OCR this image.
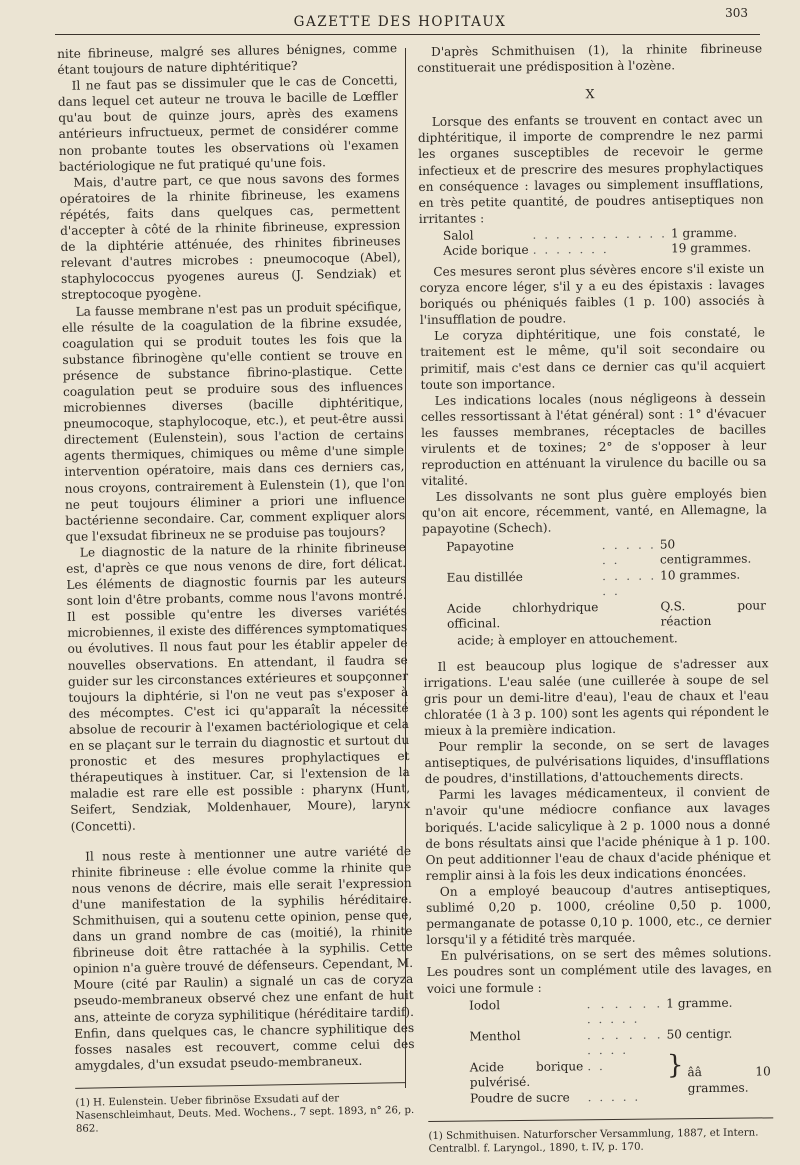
GAZETTE DES HOPITAUX
303

nite fibrineuse, malgré ses allures bénignes, comme étant toujours de nature diphtéritique?

Il ne faut pas se dissimuler que le cas de Concetti, dans lequel cet auteur ne trouva le bacille de Lœffler qu'au bout de quinze jours, après des examens antérieurs infructueux, permet de considérer comme non probante toutes les observations où l'examen bactériologique ne fut pratiqué qu'une fois.

Mais, d'autre part, ce que nous savons des formes opératoires de la rhinite fibrineuse, les examens répétés, faits dans quelques cas, permettent d'accepter à côté de la rhinite fibrineuse, expression de la diphtérie atténuée, des rhinites fibrineuses relevant d'autres microbes : pneumocoque (Abel), staphylococcus pyogenes aureus (J. Sendziak) et streptocoque pyogène.

La fausse membrane n'est pas un produit spécifique, elle résulte de la coagulation de la fibrine exsudée, coagulation qui se produit toutes les fois que la substance fibrinogène qu'elle contient se trouve en présence de substance fibrino-plastique. Cette coagulation peut se produire sous des influences microbiennes diverses (bacille diphtéritique, pneumocoque, staphylocoque, etc.), et peut-être aussi directement (Eulenstein), sous l'action de certains agents thermiques, chimiques ou même d'une simple intervention opératoire, mais dans ces derniers cas, nous croyons, contrairement à Eulenstein (1), que l'on ne peut toujours éliminer a priori une influence bactérienne secondaire. Car, comment expliquer alors que l'exsudat fibrineux ne se produise pas toujours?

Le diagnostic de la nature de la rhinite fibrineuse est, d'après ce que nous venons de dire, fort délicat. Les éléments de diagnostic fournis par les auteurs sont loin d'être probants, comme nous l'avons montré. Il est possible qu'entre les diverses variétés microbiennes, il existe des différences symptomatiques ou évolutives. Il nous faut pour les établir appeler de nouvelles observations. En attendant, il faudra se guider sur les circonstances extérieures et soupçonner toujours la diphtérie, si l'on ne veut pas s'exposer à des mécomptes. C'est ici qu'apparaît la nécessité absolue de recourir à l'examen bactériologique et cela en se plaçant sur le terrain du diagnostic et surtout du pronostic et des mesures prophylactiques et thérapeutiques à instituer. Car, si l'extension de la maladie est rare elle est possible : pharynx (Hunt, Seifert, Sendziak, Moldenhauer, Moure), larynx (Concetti).

Il nous reste à mentionner une autre variété de rhinite fibrineuse : elle évolue comme la rhinite que nous venons de décrire, mais elle serait l'expression d'une manifestation de la syphilis héréditaire. Schmithuisen, qui a soutenu cette opinion, pense que, dans un grand nombre de cas (moitié), la rhinite fibrineuse doit être rattachée à la syphilis. Cette opinion n'a guère trouvé de défenseurs. Cependant, M. Moure (cité par Raulin) a signalé un cas de coryza pseudo-membraneux observé chez une enfant de huit ans, atteinte de coryza syphilitique (héréditaire tardif). Enfin, dans quelques cas, le chancre syphilitique des fosses nasales est recouvert, comme celui des amygdales, d'un exsudat pseudo-membraneux.

(1) H. Eulenstein. Ueber fibrinöse Exsudati auf der Nasenschleimhaut, Deuts. Med. Wochens., 7 sept. 1893, n° 26, p. 862.

D'après Schmithuisen (1), la rhinite fibrineuse constituerait une prédisposition à l'ozène.

X

Lorsque des enfants se trouvent en contact avec un diphtéritique, il importe de comprendre le nez parmi les organes susceptibles de recevoir le germe infectieux et de prescrire des mesures prophylactiques en conséquence : lavages ou simplement insufflations, en très petite quantité, de poudres antiseptiques non irritantes :

Salol	. . . . . . . . . . . .	1 gramme.
Acide borique	. . . . . . .	19 grammes.

Ces mesures seront plus sévères encore s'il existe un coryza encore léger, s'il y a eu des épistaxis : lavages boriqués ou phéniqués faibles (1 p. 100) associés à l'insufflation de poudre.

Le coryza diphtéritique, une fois constaté, le traitement est le même, qu'il soit secondaire ou primitif, mais c'est dans ce dernier cas qu'il acquiert toute son importance.

Les indications locales (nous négligeons à dessein celles ressortissant à l'état général) sont : 1° d'évacuer les fausses membranes, réceptacles de bacilles virulents et de toxines; 2° de s'opposer à leur reproduction en atténuant la virulence du bacille ou sa vitalité.

Les dissolvants ne sont plus guère employés bien qu'on ait encore, récemment, vanté, en Allemagne, la papayotine (Schech).

Papayotine	. . . . . . .	50 centigrammes.
Eau distillée	. . . . . . .	10 grammes.
Acide chlorhydrique officinal.		Q.S. pour réaction

acide; à employer en attouchement.

Il est beaucoup plus logique de s'adresser aux irrigations. L'eau salée (une cuillerée à soupe de sel gris pour un demi-litre d'eau), l'eau de chaux et l'eau chloratée (1 à 3 p. 100) sont les agents qui répondent le mieux à la première indication.

Pour remplir la seconde, on se sert de lavages antiseptiques, de pulvérisations liquides, d'insufflations de poudres, d'instillations, d'attouchements directs.

Parmi les lavages médicamenteux, il convient de n'avoir qu'une médiocre confiance aux lavages boriqués. L'acide salicylique à 2 p. 1000 nous a donné de bons résultats ainsi que l'acide phénique à 1 p. 100. On peut additionner l'eau de chaux d'acide phénique et remplir ainsi à la fois les deux indications énoncées.

On a employé beaucoup d'autres antiseptiques, sublimé 0,20 p. 1000, créoline 0,50 p. 1000, permanganate de potasse 0,10 p. 1000, etc., ce dernier lorsqu'il y a fétidité très marquée.

En pulvérisations, on se sert des mêmes solutions. Les poudres sont un complément utile des lavages, en voici une formule :

Iodol	. . . . . . . . . . .	1 gramme.	
Menthol	. . . . . . . . . .	50 centigr.	
Acide borique pulvérisé.	. .	}	ââ 10 grammes.
Poudre de sucre	. . . . .		

(1) Schmithuisen. Naturforscher Versammlung, 1887, et Intern. Centralbl. f. Laryngol., 1890, t. IV, p. 170.
